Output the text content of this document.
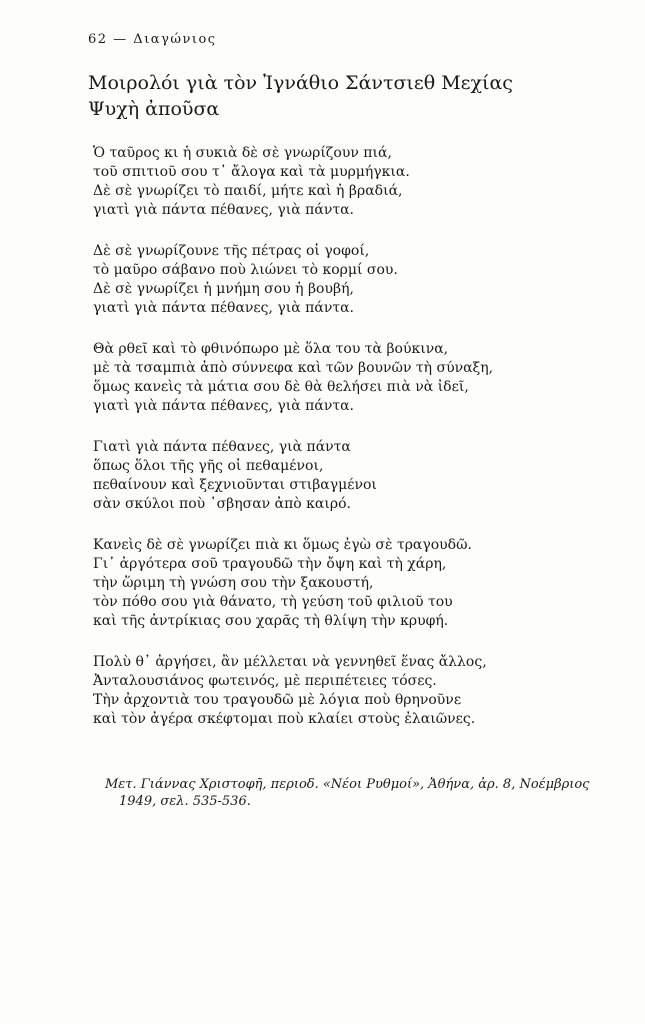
62 — Διαγώνιος
Μοιρολόι γιὰ τὸν Ἰγνάθιο Σάντσιεθ Μεχίας
Ψυχὴ ἀποῦσα
Ὁ ταῦρος κι ἡ συκιὰ δὲ σὲ γνωρίζουν πιά,
τοῦ σπιτιοῦ σου τ᾽ ἄλογα καὶ τὰ μυρμήγκια.
Δὲ σὲ γνωρίζει τὸ παιδί, μήτε καὶ ἡ βραδιά,
γιατὶ γιὰ πάντα πέθανες, γιὰ πάντα.
Δὲ σὲ γνωρίζουνε τῆς πέτρας οἱ γοφοί,
τὸ μαῦρο σάβανο ποὺ λιώνει τὸ κορμί σου.
Δὲ σὲ γνωρίζει ἡ μνήμη σου ἡ βουβή,
γιατὶ γιὰ πάντα πέθανες, γιὰ πάντα.
Θὰ ρθεῖ καὶ τὸ φθινόπωρο μὲ ὅλα του τὰ βούκινα,
μὲ τὰ τσαμπιὰ ἀπὸ σύννεφα καὶ τῶν βουνῶν τὴ σύναξη,
ὅμως κανεὶς τὰ μάτια σου δὲ θὰ θελήσει πιὰ νὰ ἰδεῖ,
γιατὶ γιὰ πάντα πέθανες, γιὰ πάντα.
Γιατὶ γιὰ πάντα πέθανες, γιὰ πάντα
ὅπως ὅλοι τῆς γῆς οἱ πεθαμένοι,
πεθαίνουν καὶ ξεχνιοῦνται στιβαγμένοι
σὰν σκύλοι ποὺ ᾽σβησαν ἀπὸ καιρό.
Κανεὶς δὲ σὲ γνωρίζει πιὰ κι ὅμως ἐγὼ σὲ τραγουδῶ.
Γι᾽ ἀργότερα σοῦ τραγουδῶ τὴν ὄψη καὶ τὴ χάρη,
τὴν ὥριμη τὴ γνώση σου τὴν ξακουστή,
τὸν πόθο σου γιὰ θάνατο, τὴ γεύση τοῦ φιλιοῦ του
καὶ τῆς ἀντρίκιας σου χαρᾶς τὴ θλίψη τὴν κρυφή.
Πολὺ θ᾽ ἀργήσει, ἂν μέλλεται νὰ γεννηθεῖ ἕνας ἄλλος,
Ἀνταλουσιάνος φωτεινός, μὲ περιπέτειες τόσες.
Τὴν ἀρχοντιὰ του τραγουδῶ μὲ λόγια ποὺ θρηνοῦνε
καὶ τὸν ἀγέρα σκέφτομαι ποὺ κλαίει στοὺς ἐλαιῶνες.
Μετ. Γιάννας Χριστοφῆ, περιοδ. «Νέοι Ρυθμοί», Ἀθήνα, ἀρ. 8, Νοέμβριος
1949, σελ. 535-536.
